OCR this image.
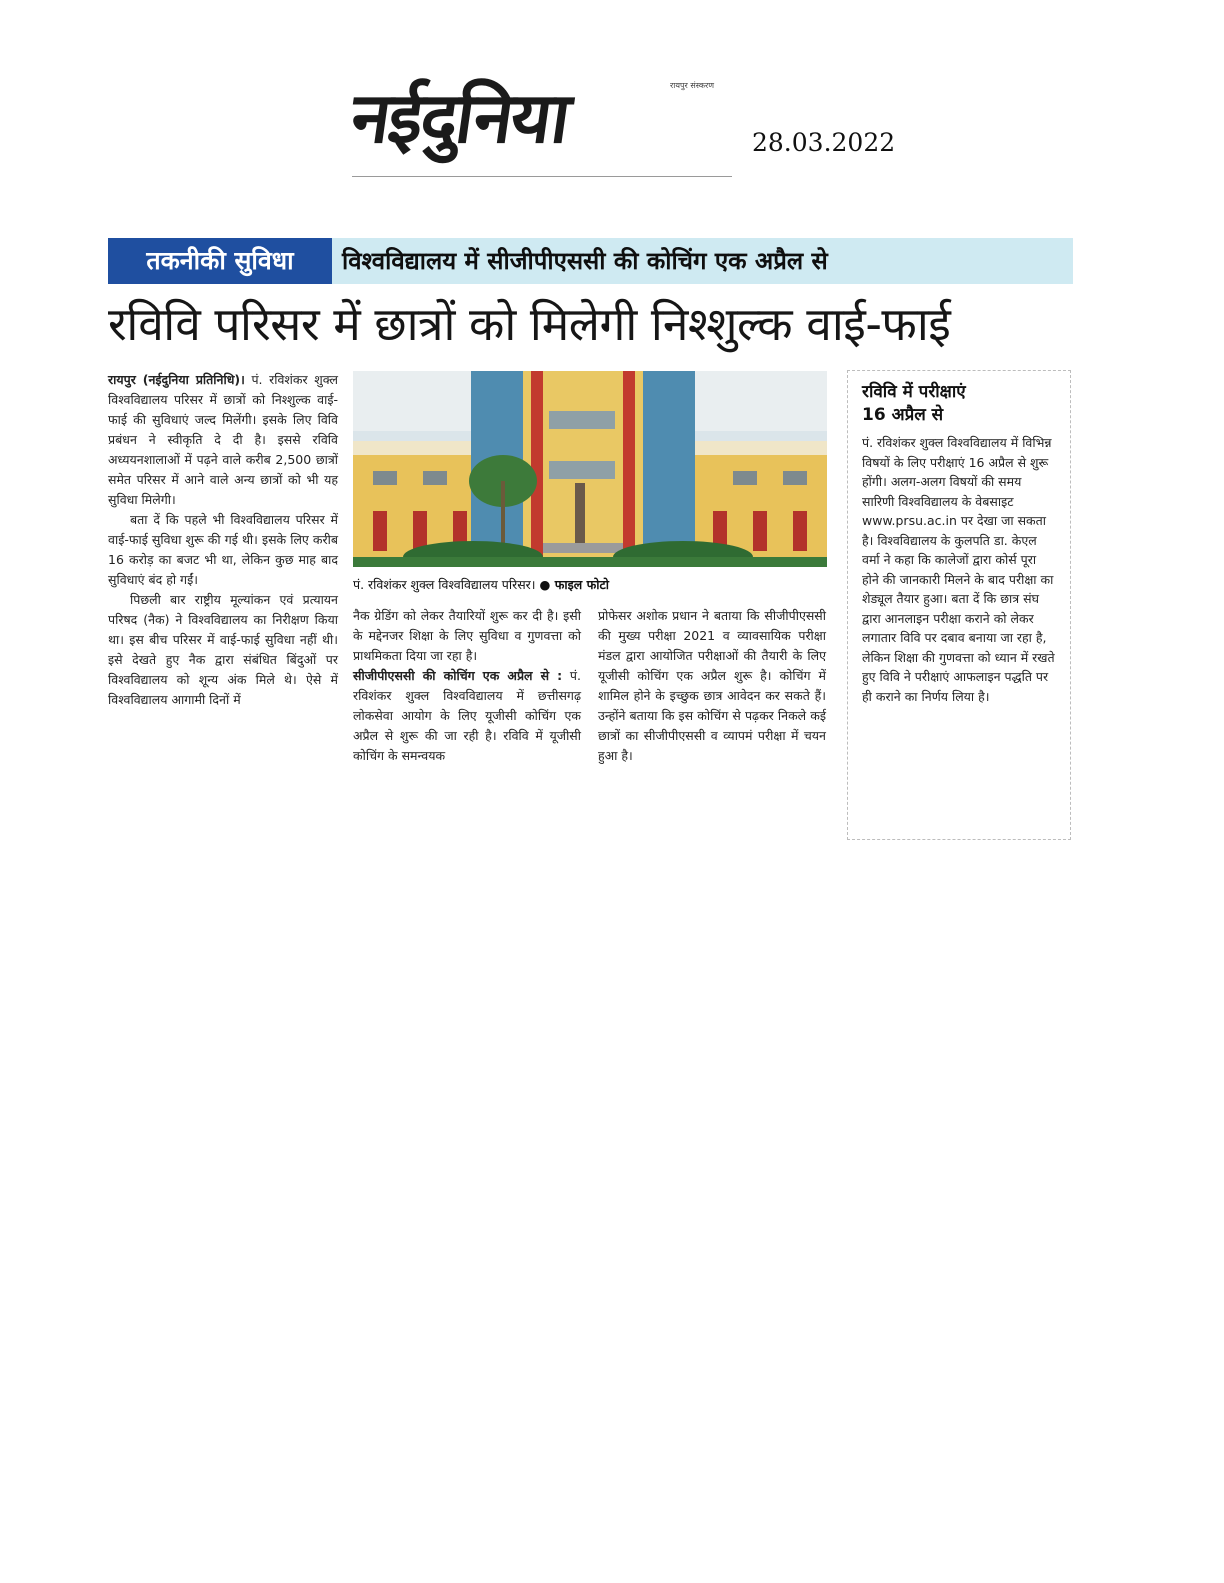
नईदुनिया	रायपुर संस्करण
28.03.2022
तकनीकी सुविधा	विश्वविद्यालय में सीजीपीएससी की कोचिंग एक अप्रैल से
रविवि परिसर में छात्रों को मिलेगी निश्शुल्क वाई-फाई

रायपुर (नईदुनिया प्रतिनिधि)। पं. रविशंकर शुक्ल विश्वविद्यालय परिसर में छात्रों को निश्शुल्क वाई-फाई की सुविधाएं जल्द मिलेंगी। इसके लिए विवि प्रबंधन ने स्वीकृति दे दी है। इससे रविवि अध्ययनशालाओं में पढ़ने वाले करीब 2,500 छात्रों समेत परिसर में आने वाले अन्य छात्रों को भी यह सुविधा मिलेगी।

बता दें कि पहले भी विश्वविद्यालय परिसर में वाई-फाई सुविधा शुरू की गई थी। इसके लिए करीब 16 करोड़ का बजट भी था, लेकिन कुछ माह बाद सुविधाएं बंद हो गईं।

पिछली बार राष्ट्रीय मूल्यांकन एवं प्रत्यायन परिषद (नैक) ने विश्वविद्यालय का निरीक्षण किया था। इस बीच परिसर में वाई-फाई सुविधा नहीं थी। इसे देखते हुए नैक द्वारा संबंधित बिंदुओं पर विश्वविद्यालय को शून्य अंक मिले थे। ऐसे में विश्वविद्यालय आगामी दिनों में

पं. रविशंकर शुक्ल विश्वविद्यालय परिसर। ● फाइल फोटो

नैक ग्रेडिंग को लेकर तैयारियों शुरू कर दी है। इसी के मद्देनजर शिक्षा के लिए सुविधा व गुणवत्ता को प्राथमिकता दिया जा रहा है।

सीजीपीएससी की कोचिंग एक अप्रैल से : पं. रविशंकर शुक्ल विश्वविद्यालय में छत्तीसगढ़ लोकसेवा आयोग के लिए यूजीसी कोचिंग एक अप्रैल से शुरू की जा रही है। रविवि में यूजीसी कोचिंग के समन्वयक

प्रोफेसर अशोक प्रधान ने बताया कि सीजीपीएससी की मुख्य परीक्षा 2021 व व्यावसायिक परीक्षा मंडल द्वारा आयोजित परीक्षाओं की तैयारी के लिए यूजीसी कोचिंग एक अप्रैल शुरू है। कोचिंग में शामिल होने के इच्छुक छात्र आवेदन कर सकते हैं। उन्होंने बताया कि इस कोचिंग से पढ़कर निकले कई छात्रों का सीजीपीएससी व व्यापमं परीक्षा में चयन हुआ है।

रविवि में परीक्षाएं
16 अप्रैल से

पं. रविशंकर शुक्ल विश्वविद्यालय में विभिन्न विषयों के लिए परीक्षाएं 16 अप्रैल से शुरू होंगी। अलग-अलग विषयों की समय सारिणी विश्वविद्यालय के वेबसाइट www.prsu.ac.in पर देखा जा सकता है। विश्वविद्यालय के कुलपति डा. केएल वर्मा ने कहा कि कालेजों द्वारा कोर्स पूरा होने की जानकारी मिलने के बाद परीक्षा का शेड्यूल तैयार हुआ। बता दें कि छात्र संघ द्वारा आनलाइन परीक्षा कराने को लेकर लगातार विवि पर दबाव बनाया जा रहा है, लेकिन शिक्षा की गुणवत्ता को ध्यान में रखते हुए विवि ने परीक्षाएं आफलाइन पद्धति पर ही कराने का निर्णय लिया है।
